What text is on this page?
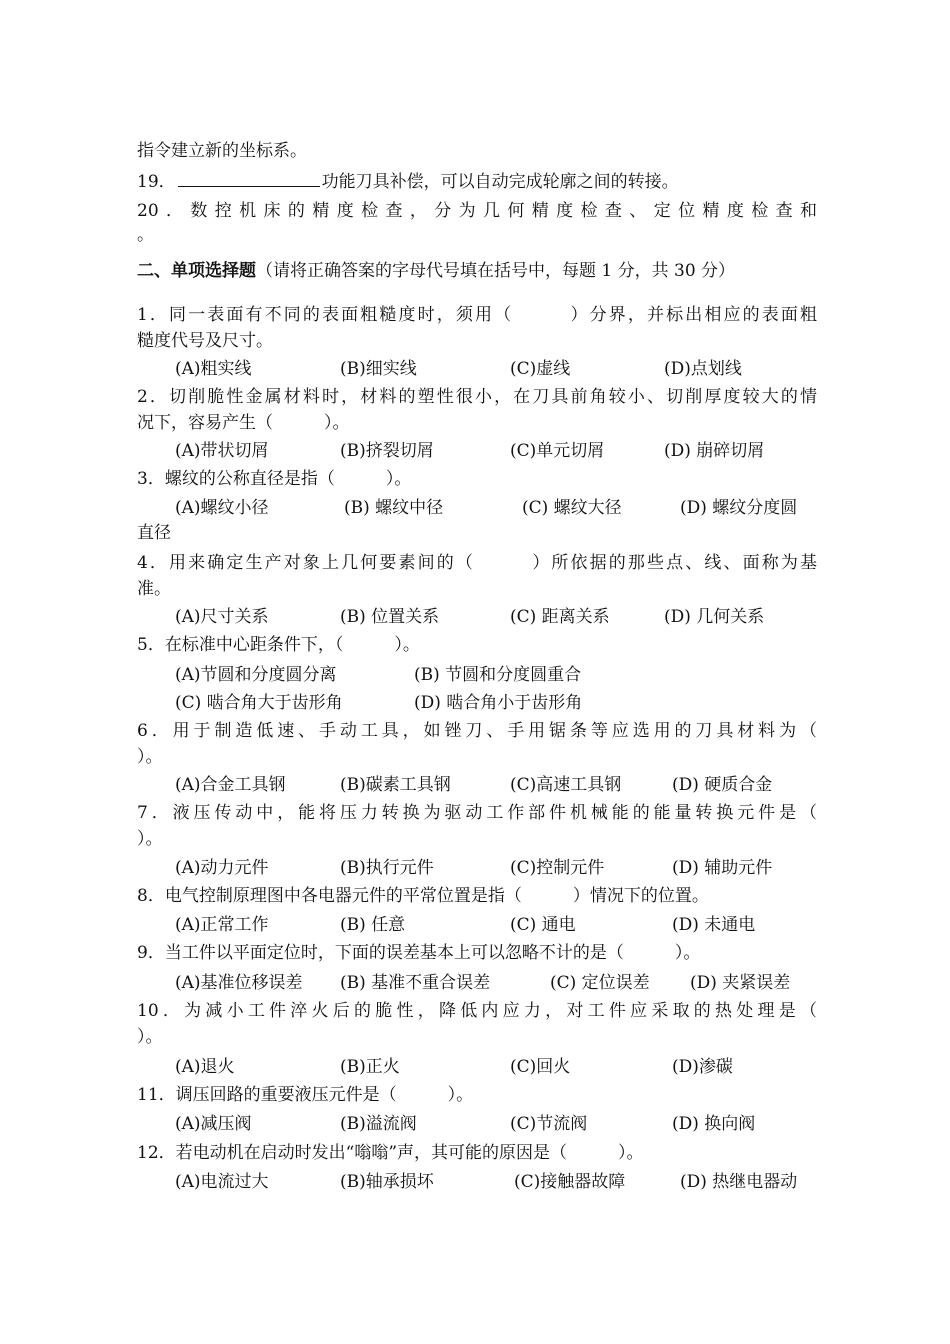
指令建立新的坐标系。
19．	功能刀具补偿，可以自动完成轮廓之间的转接。
20．数控机床的精度检查，分为几何精度检查、定位精度检查和
。
二、单项选择题（请将正确答案的字母代号填在括号中，每题 1 分，共 30 分）
1．同一表面有不同的表面粗糙度时，须用（　　　）分界，并标出相应的表面粗
糙度代号及尺寸。
(A)粗实线	(B)细实线	(C)虚线	(D)点划线
2．切削脆性金属材料时，材料的塑性很小，在刀具前角较小、切削厚度较大的情
况下，容易产生（　　　）。
(A)带状切屑	(B)挤裂切屑	(C)单元切屑	(D) 崩碎切屑
3．螺纹的公称直径是指（　　　）。
(A)螺纹小径	(B) 螺纹中径	(C) 螺纹大径	(D) 螺纹分度圆
直径
4．用来确定生产对象上几何要素间的（　　　）所依据的那些点、线、面称为基
准。
(A)尺寸关系	(B) 位置关系	(C) 距离关系	(D) 几何关系
5．在标准中心距条件下，（　　　）。
(A)节圆和分度圆分离	(B) 节圆和分度圆重合
(C) 啮合角大于齿形角	(D) 啮合角小于齿形角
6．用于制造低速、手动工具，如锉刀、手用锯条等应选用的刀具材料为（
）。
(A)合金工具钢	(B)碳素工具钢	(C)高速工具钢	(D) 硬质合金
7．液压传动中，能将压力转换为驱动工作部件机械能的能量转换元件是（
）。
(A)动力元件	(B)执行元件	(C)控制元件	(D) 辅助元件
8．电气控制原理图中各电器元件的平常位置是指（　　　）情况下的位置。
(A)正常工作	(B) 任意	(C) 通电	(D) 未通电
9．当工件以平面定位时，下面的误差基本上可以忽略不计的是（　　　）。
(A)基准位移误差 (B) 基准不重合误差	(C) 定位误差 (D) 夹紧误差
10．为减小工件淬火后的脆性，降低内应力，对工件应采取的热处理是（
）。
(A)退火	(B)正火	(C)回火	(D)渗碳
11．调压回路的重要液压元件是（　　　）。
(A)减压阀	(B)溢流阀	(C)节流阀	(D) 换向阀
12．若电动机在启动时发出“嗡嗡”声，其可能的原因是（　　　）。
(A)电流过大	(B)轴承损坏	(C)接触器故障	(D) 热继电器动
